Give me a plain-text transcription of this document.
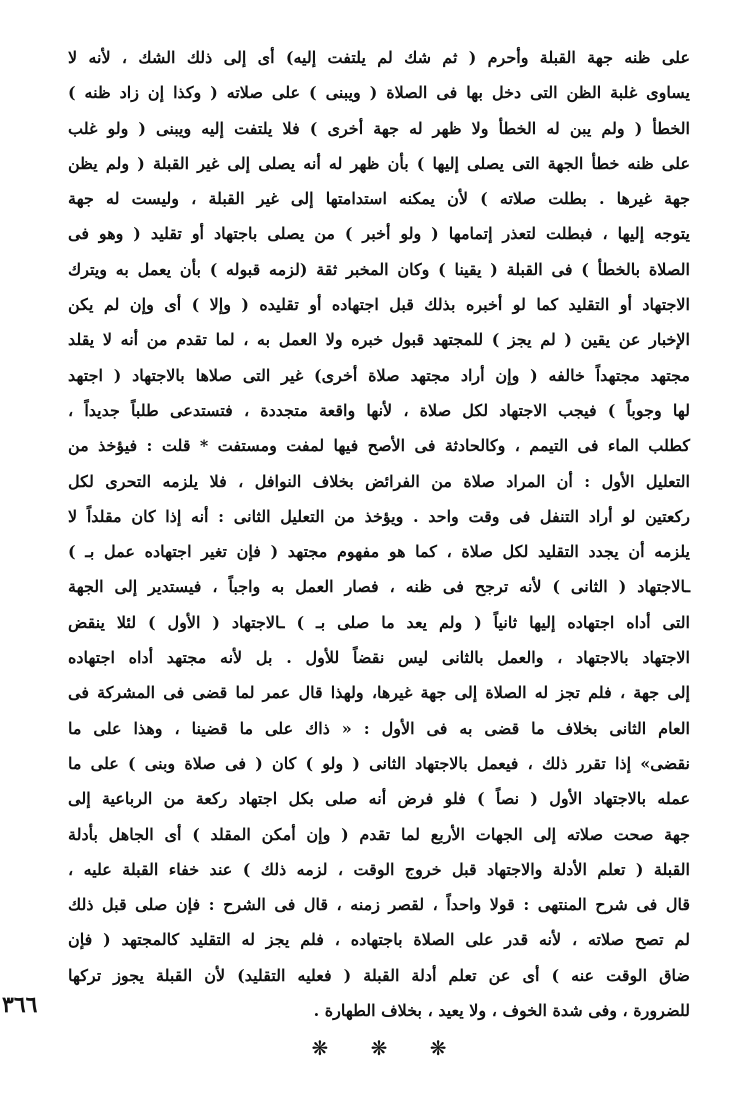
على ظنه جهة القبلة وأحرم ( ثم شك لم يلتفت إليه) أى إلى ذلك الشك ، لأنه لا
يساوى غلبة الظن التى دخل بها فى الصلاة ( ويبنى ) على صلاته ( وكذا إن زاد ظنه )
الخطأ ( ولم يبن له الخطأ ولا ظهر له جهة أخرى ) فلا يلتفت إليه ويبنى ( ولو غلب
على ظنه خطأ الجهة التى يصلى إليها ) بأن ظهر له أنه يصلى إلى غير القبلة ( ولم يظن
جهة غيرها . بطلت صلاته ) لأن يمكنه استدامتها إلى غير القبلة ، وليست له جهة
يتوجه إليها ، فبطلت لتعذر إتمامها ( ولو أخبر ) من يصلى باجتهاد أو تقليد ( وهو فى
الصلاة بالخطأ ) فى القبلة ( يقينا ) وكان المخبر ثقة (لزمه قبوله ) بأن يعمل به ويترك
الاجتهاد أو التقليد كما لو أخبره بذلك قبل اجتهاده أو تقليده ( وإلا ) أى وإن لم يكن
الإخبار عن يقين ( لم يجز ) للمجتهد قبول خبره ولا العمل به ، لما تقدم من أنه لا يقلد
مجتهد مجتهداً خالفه ( وإن أراد مجتهد صلاة أخرى) غير التى صلاها بالاجتهاد ( اجتهد
لها وجوباً ) فيجب الاجتهاد لكل صلاة ، لأنها واقعة متجددة ، فتستدعى طلباً جديداً ،
كطلب الماء فى التيمم ، وكالحادثة فى الأصح فيها لمفت ومستفت * قلت : فيؤخذ من
التعليل الأول : أن المراد صلاة من الفرائض بخلاف النوافل ، فلا يلزمه التحرى لكل
ركعتين لو أراد التنفل فى وقت واحد . ويؤخذ من التعليل الثانى : أنه إذا كان مقلداً لا
يلزمه أن يجدد التقليد لكل صلاة ، كما هو مفهوم مجتهد ( فإن تغير اجتهاده عمل بـ )
ـالاجتهاد ( الثانى ) لأنه ترجح فى ظنه ، فصار العمل به واجباً ، فيستدير إلى الجهة
التى أداه اجتهاده إليها ثانياً ( ولم يعد ما صلى بـ ) ـالاجتهاد ( الأول ) لئلا ينقض
الاجتهاد بالاجتهاد ، والعمل بالثانى ليس نقضاً للأول . بل لأنه مجتهد أداه اجتهاده
إلى جهة ، فلم تجز له الصلاة إلى جهة غيرها، ولهذا قال عمر لما قضى فى المشركة فى
العام الثانى بخلاف ما قضى به فى الأول : « ذاك على ما قضينا ، وهذا على ما
نقضى» إذا تقرر ذلك ، فيعمل بالاجتهاد الثانى ( ولو ) كان ( فى صلاة وبنى ) على ما
عمله بالاجتهاد الأول ( نصاً ) فلو فرض أنه صلى بكل اجتهاد ركعة من الرباعية إلى
جهة صحت صلاته إلى الجهات الأربع لما تقدم ( وإن أمكن المقلد ) أى الجاهل بأدلة
القبلة ( تعلم الأدلة والاجتهاد قبل خروج الوقت ، لزمه ذلك ) عند خفاء القبلة عليه ،
قال فى شرح المنتهى : قولا واحداً ، لقصر زمنه ، قال فى الشرح : فإن صلى قبل ذلك
لم تصح صلاته ، لأنه قدر على الصلاة باجتهاده ، فلم يجز له التقليد كالمجتهد ( فإن
ضاق الوقت عنه ) أى عن تعلم أدلة القبلة ( فعليه التقليد) لأن القبلة يجوز تركها
للضرورة ، وفى شدة الخوف ، ولا يعيد ، بخلاف الطهارة .
❋ ❋ ❋
٣٦٦
